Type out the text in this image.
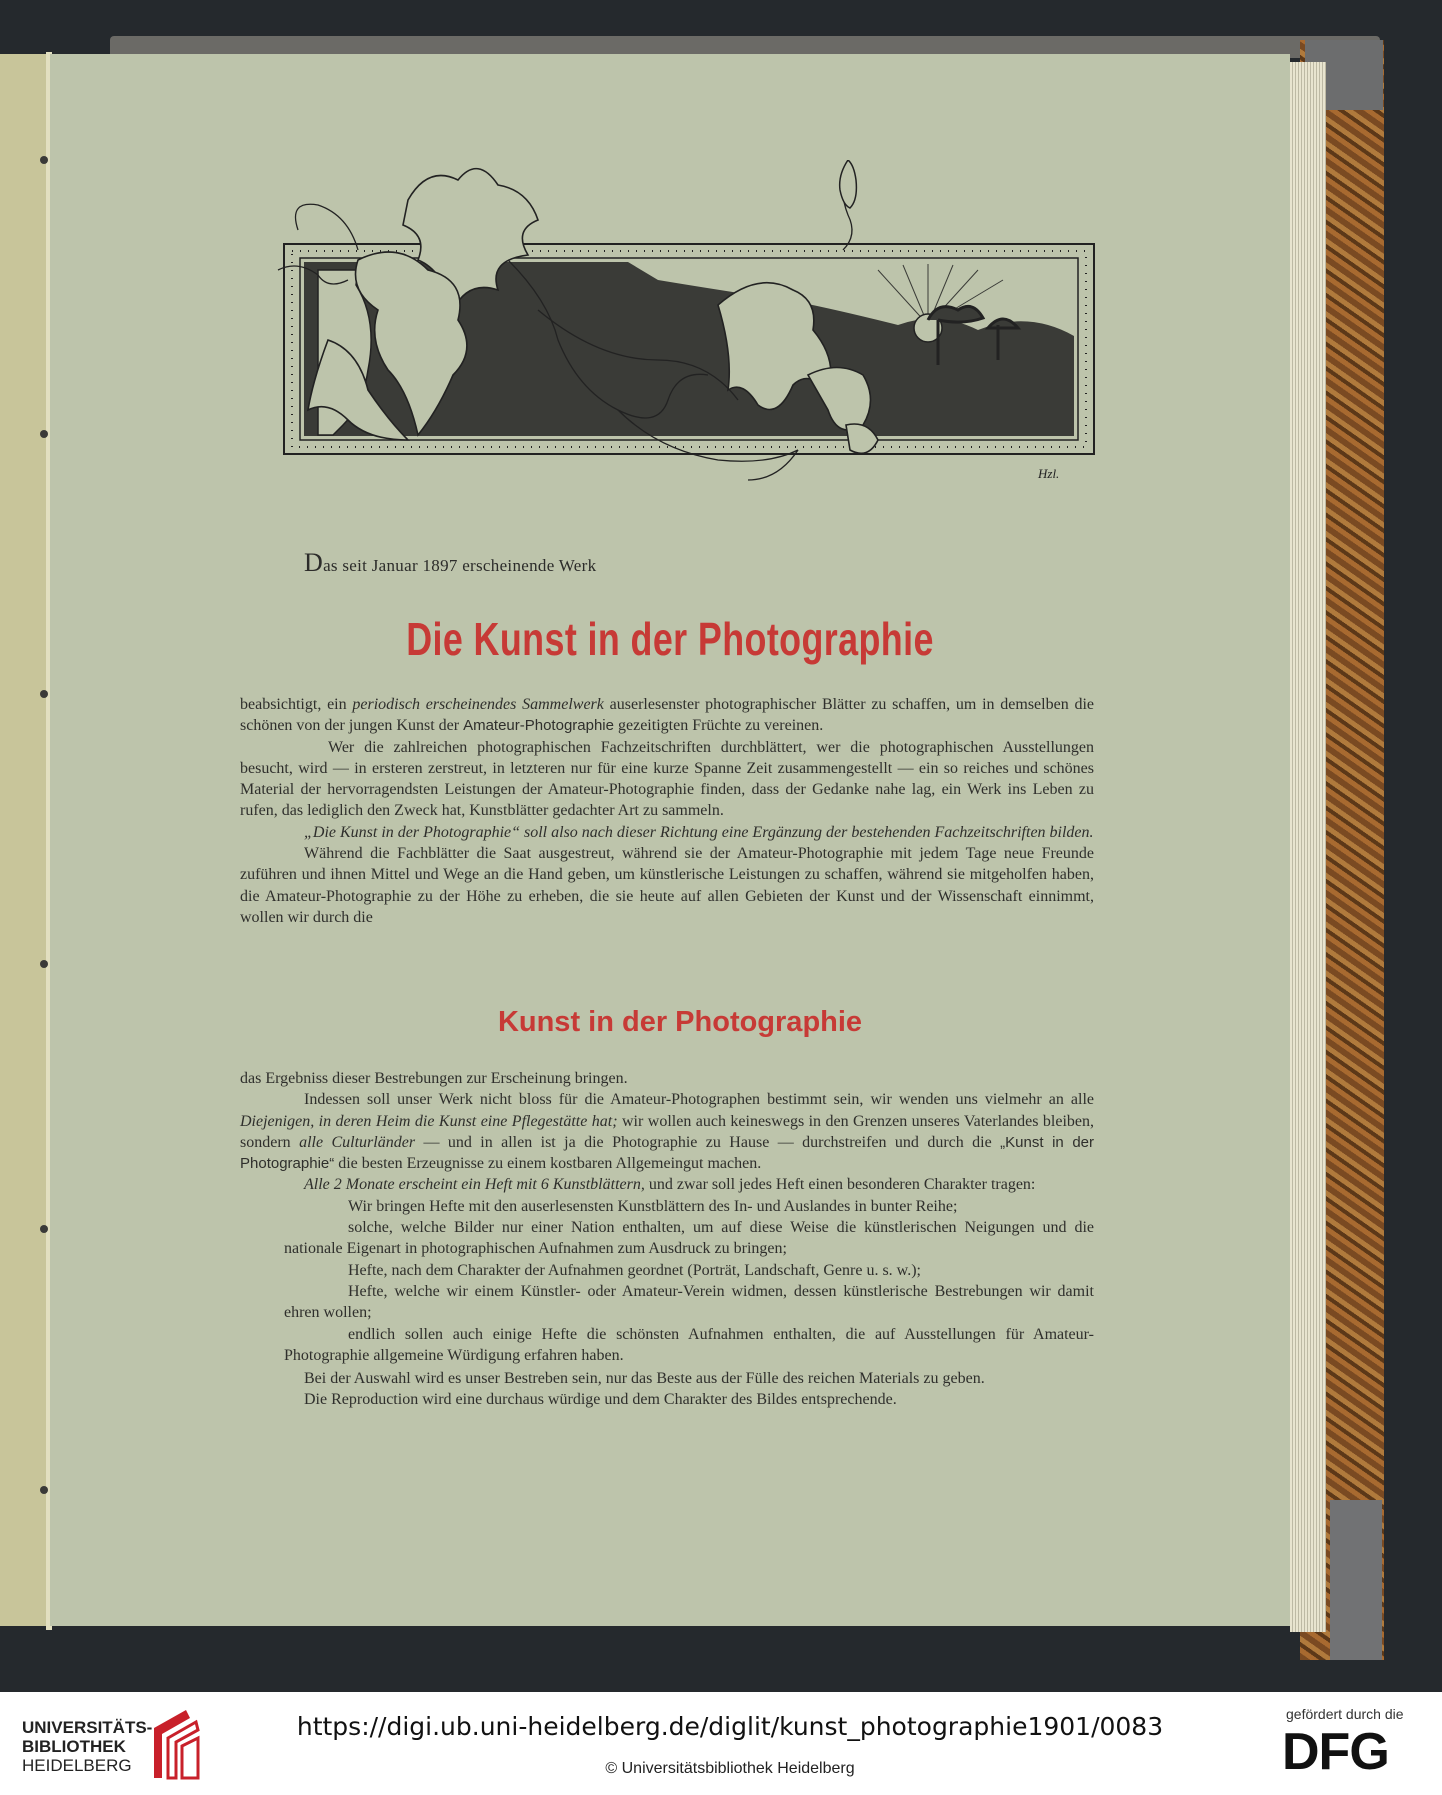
Hzl.
Das seit Januar 1897 erscheinende Werk
Die Kunst in der Photographie

beabsichtigt, ein periodisch erscheinendes Sammelwerk auserlesenster photographischer Blätter zu schaffen, um in demselben die schönen von der jungen Kunst der Amateur-Photographie gezeitigten Früchte zu vereinen.

Wer die zahlreichen photographischen Fachzeitschriften durchblättert, wer die photographischen Ausstellungen besucht, wird — in ersteren zerstreut, in letzteren nur für eine kurze Spanne Zeit zusammengestellt — ein so reiches und schönes Material der hervorragendsten Leistungen der Amateur-Photographie finden, dass der Gedanke nahe lag, ein Werk ins Leben zu rufen, das lediglich den Zweck hat, Kunstblätter gedachter Art zu sammeln.

„Die Kunst in der Photographie“ soll also nach dieser Richtung eine Ergänzung der bestehenden Fachzeitschriften bilden.

Während die Fachblätter die Saat ausgestreut, während sie der Amateur-Photographie mit jedem Tage neue Freunde zuführen und ihnen Mittel und Wege an die Hand geben, um künstlerische Leistungen zu schaffen, während sie mitgeholfen haben, die Amateur-Photographie zu der Höhe zu erheben, die sie heute auf allen Gebieten der Kunst und der Wissenschaft einnimmt, wollen wir durch die

Kunst in der Photographie

das Ergebniss dieser Bestrebungen zur Erscheinung bringen.

Indessen soll unser Werk nicht bloss für die Amateur-Photographen bestimmt sein, wir wenden uns vielmehr an alle Diejenigen, in deren Heim die Kunst eine Pflegestätte hat; wir wollen auch keineswegs in den Grenzen unseres Vaterlandes bleiben, sondern alle Culturländer — und in allen ist ja die Photographie zu Hause — durchstreifen und durch die „Kunst in der Photographie“ die besten Erzeugnisse zu einem kostbaren Allgemeingut machen.

Alle 2 Monate erscheint ein Heft mit 6 Kunstblättern, und zwar soll jedes Heft einen besonderen Charakter tragen:

Wir bringen Hefte mit den auserlesensten Kunstblättern des In- und Auslandes in bunter Reihe;

solche, welche Bilder nur einer Nation enthalten, um auf diese Weise die künstlerischen Neigungen und die nationale Eigenart in photographischen Aufnahmen zum Ausdruck zu bringen;

Hefte, nach dem Charakter der Aufnahmen geordnet (Porträt, Landschaft, Genre u. s. w.);

Hefte, welche wir einem Künstler- oder Amateur-Verein widmen, dessen künstlerische Bestrebungen wir damit ehren wollen;

endlich sollen auch einige Hefte die schönsten Aufnahmen enthalten, die auf Ausstellungen für Amateur-Photographie allgemeine Würdigung erfahren haben.

Bei der Auswahl wird es unser Bestreben sein, nur das Beste aus der Fülle des reichen Materials zu geben.

Die Reproduction wird eine durchaus würdige und dem Charakter des Bildes entsprechende.

UNIVERSITÄTS-
BIBLIOTHEK
HEIDELBERG
https://digi.ub.uni-heidelberg.de/diglit/kunst_photographie1901/0083
© Universitätsbibliothek Heidelberg
gefördert durch die
DFG
